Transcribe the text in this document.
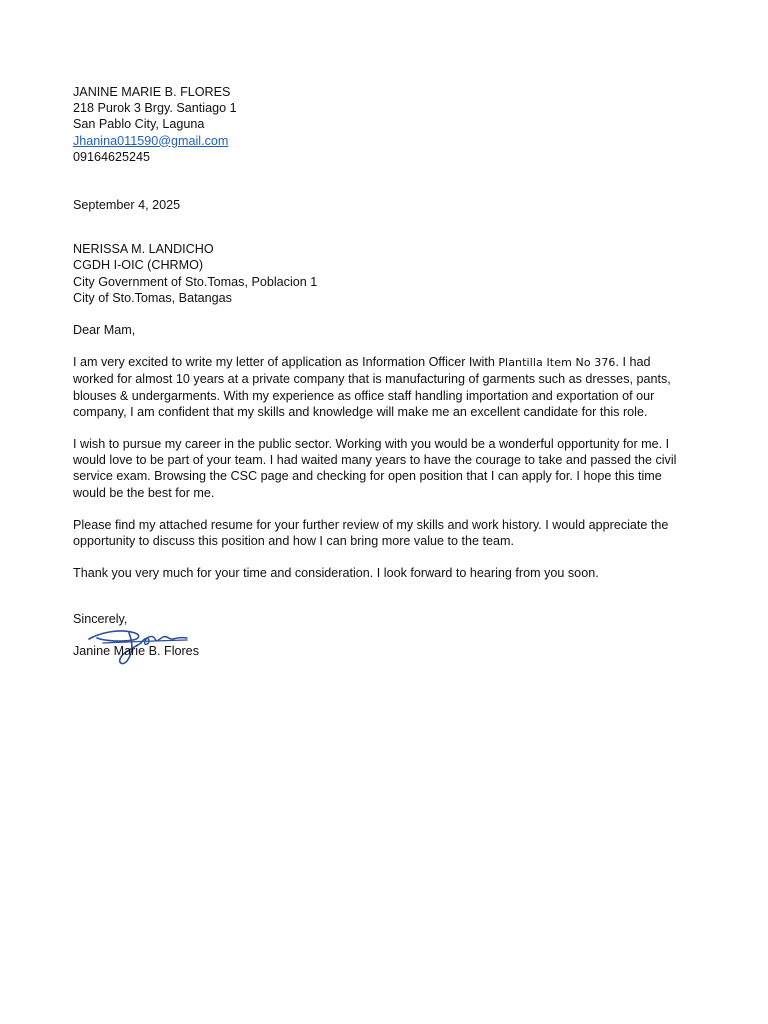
JANINE MARIE B. FLORES
218 Purok 3 Brgy. Santiago 1
San Pablo City, Laguna
Jhanina011590@gmail.com
09164625245
September 4, 2025
NERISSA M. LANDICHO
CGDH I-OIC (CHRMO)
City Government of Sto.Tomas, Poblacion 1
City of Sto.Tomas, Batangas
Dear Mam,

I am very excited to write my letter of application as Information Officer Iwith Plantilla Item No 376. I had worked for almost 10 years at a private company that is manufacturing of garments such as dresses, pants, blouses & undergarments. With my experience as office staff handling importation and exportation of our company, I am confident that my skills and knowledge will make me an excellent candidate for this role.

I wish to pursue my career in the public sector. Working with you would be a wonderful opportunity for me. I would love to be part of your team. I had waited many years to have the courage to take and passed the civil service exam. Browsing the CSC page and checking for open position that I can apply for. I hope this time would be the best for me.

Please find my attached resume for your further review of my skills and work history. I would appreciate the opportunity to discuss this position and how I can bring more value to the team.

Thank you very much for your time and consideration. I look forward to hearing from you soon.

Sincerely,
Janine Marie B. Flores
